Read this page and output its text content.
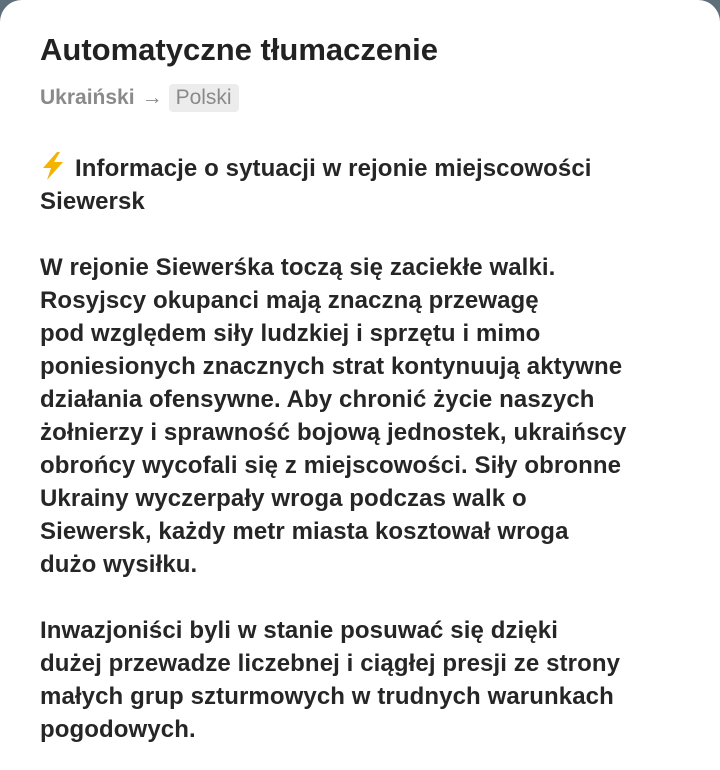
Automatyczne tłumaczenie
Ukraiński → Polski

Informacje o sytuacji w rejonie miejscowości
Siewersk

W rejonie Siewerśka toczą się zaciekłe walki.
Rosyjscy okupanci mają znaczną przewagę
pod względem siły ludzkiej i sprzętu i mimo
poniesionych znacznych strat kontynuują aktywne
działania ofensywne. Aby chronić życie naszych
żołnierzy i sprawność bojową jednostek, ukraińscy
obrońcy wycofali się z miejscowości. Siły obronne
Ukrainy wyczerpały wroga podczas walk o
Siewersk, każdy metr miasta kosztował wroga
dużo wysiłku.

Inwazjoniści byli w stanie posuwać się dzięki
dużej przewadze liczebnej i ciągłej presji ze strony
małych grup szturmowych w trudnych warunkach
pogodowych.
